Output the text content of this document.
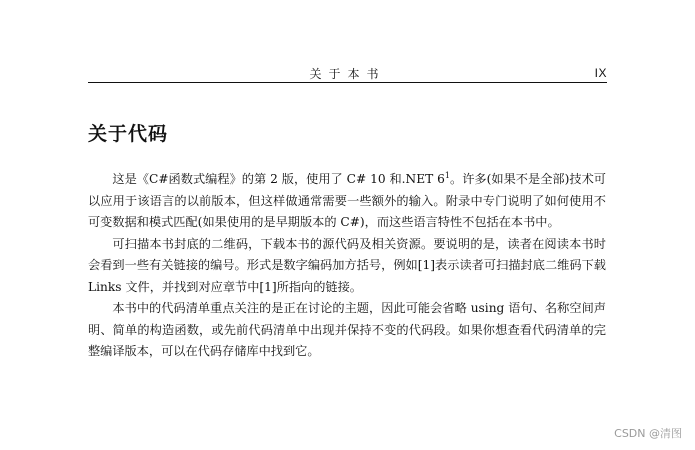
关于本书	IX
关于代码

这是《C#函数式编程》的第 2 版，使用了 C# 10 和.NET $6^1$。许多(如果不是全部)技术可以应用于该语言的以前版本，但这样做通常需要一些额外的输入。附录中专门说明了如何使用不可变数据和模式匹配(如果使用的是早期版本的 C#)，而这些语言特性不包括在本书中。

可扫描本书封底的二维码，下载本书的源代码及相关资源。要说明的是，读者在阅读本书时会看到一些有关链接的编号。形式是数字编码加方括号，例如[1]表示读者可扫描封底二维码下载 Links 文件，并找到对应章节中[1]所指向的链接。

本书中的代码清单重点关注的是正在讨论的主题，因此可能会省略 using 语句、名称空间声明、简单的构造函数，或先前代码清单中出现并保持不变的代码段。如果你想查看代码清单的完整编译版本，可以在代码存储库中找到它。

CSDN @清图
